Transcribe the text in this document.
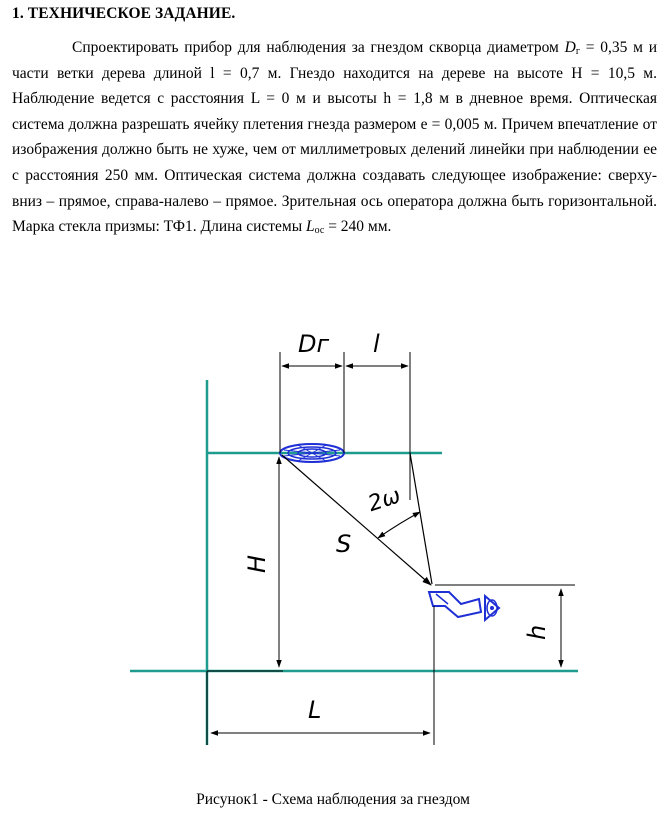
1. ТЕХНИЧЕСКОЕ ЗАДАНИЕ.

Спроектировать прибор для наблюдения за гнездом скворца диаметром $D_г = 0,35$ м и части ветки дерева длиной l = 0,7 м. Гнездо находится на дереве на высоте H = 10,5 м. Наблюдение ведется с расстояния L = 0 м и высоты h = 1,8 м в дневное время. Оптическая система должна разрешать ячейку плетения гнезда размером e = 0,005 м. Причем впечатление от изображения должно быть не хуже, чем от миллиметровых делений линейки при наблюдении ее с расстояния 250 мм. Оптическая система должна создавать следующее изображение: сверху-вниз – прямое, справа-налево – прямое. Зрительная ось оператора должна быть горизонтальной. Марка стекла призмы: ТФ1. Длина системы $L_{ос} = 240$ мм.

Dг l
H
S
2ω
h
L

Рисунок1 - Схема наблюдения за гнездом
